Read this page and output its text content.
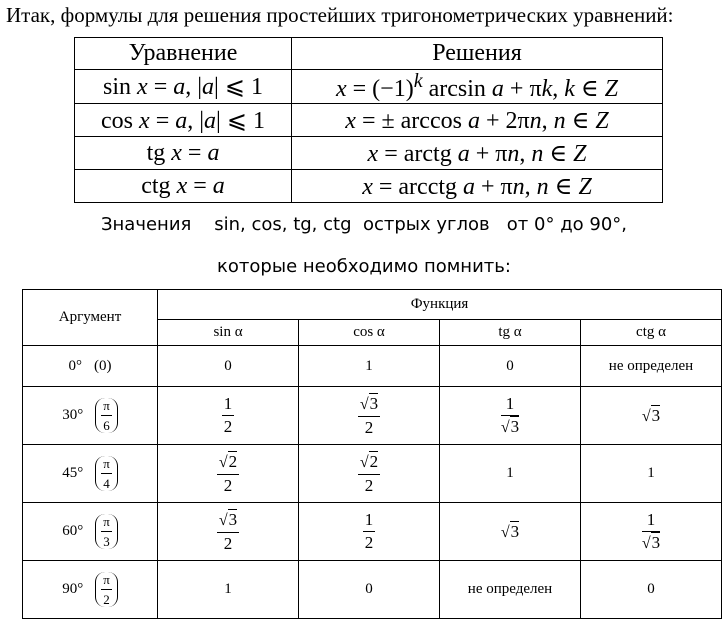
Итак, формулы для решения простейших тригонометрических уравнений:
Уравнение	Решения
sin x = a, |a| ⩽ 1	$x = (-1)^k$ arcsin a + πk, k ∈ Z
cos x = a, |a| ⩽ 1	x = ± arccos a + 2πn, n ∈ Z
tg x = a	x = arctg a + πn, n ∈ Z
ctg x = a	x = arcctg a + πn, n ∈ Z
Значения sin, cos, tg, ctg острых углов от 0° до 90°,
которые необходимо помнить:
Аргумент	Функция			
	sin α	cos α	tg α	ctg α

0° (0)	0	1	0	не определен

$30^\circ \frac{\pi}{6}$	$\frac{1}{2}$	$\frac{√3}{2}$	$\frac{1}{√3}$	√3

$45^\circ \frac{\pi}{4}$	$\frac{√2}{2}$	$\frac{√2}{2}$	1	1

$60^\circ \frac{\pi}{3}$	$\frac{√3}{2}$	$\frac{1}{2}$	√3	$\frac{1}{√3}$

$90^\circ \frac{\pi}{2}$	1	0	не определен	0
